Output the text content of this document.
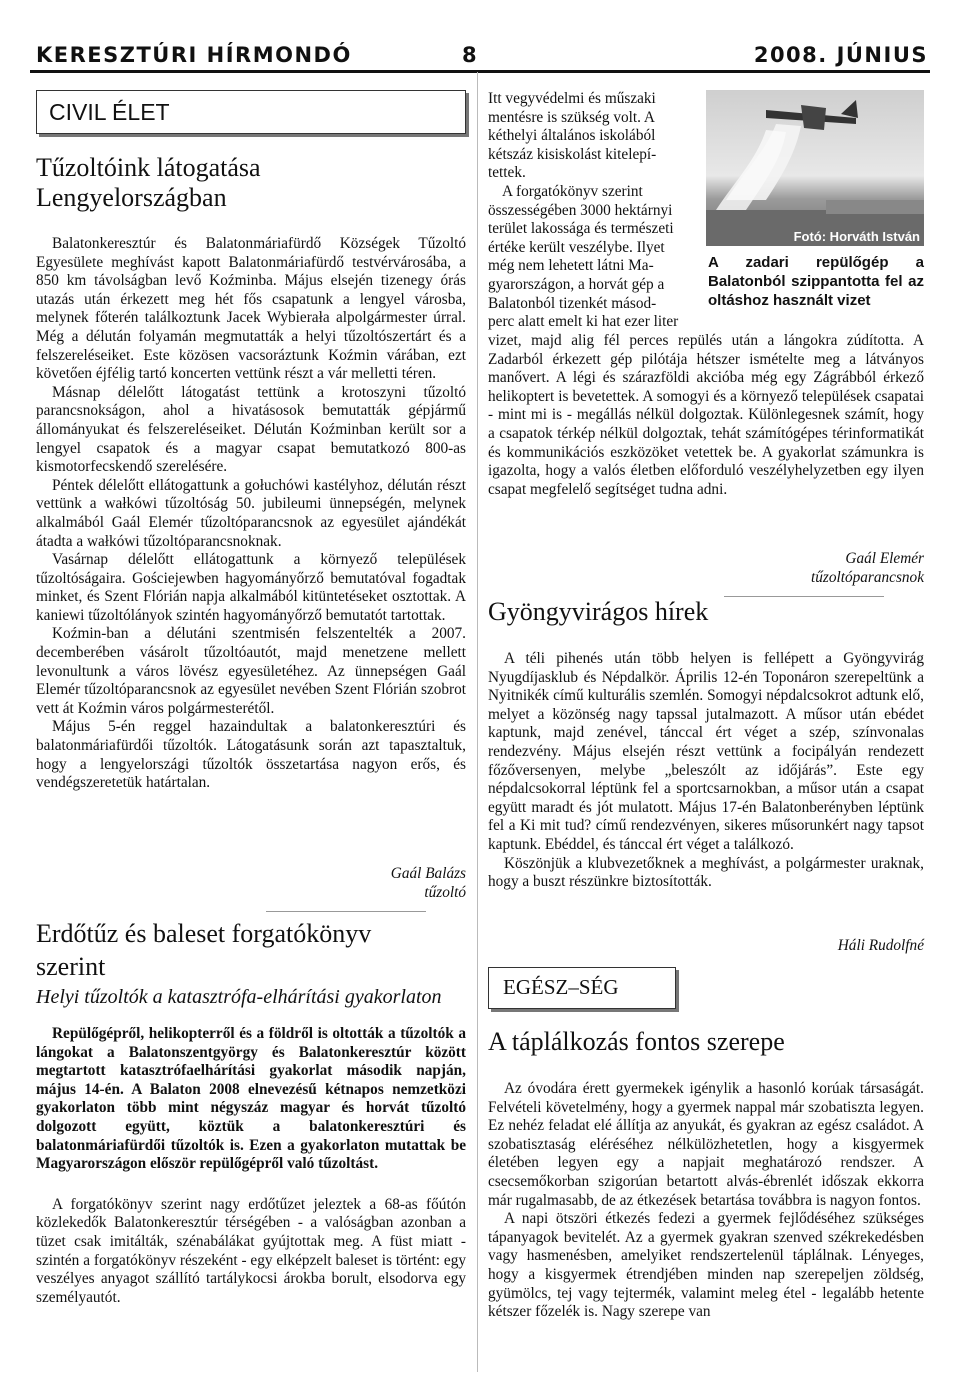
KERESZTÚRI HÍRMONDÓ	8	2008. JÚNIUS
CIVIL ÉLET
Tűzoltóink látogatása
Lengyelországban

Balatonkeresztúr és Balatonmáriafürdő Községek Tűzoltó Egyesülete meghívást kapott Balatonmáriafürdő testvérvárosába, a 850 km távolságban levő Koźminba. Május elsején tizenegy órás utazás után érkezett meg hét fős csapatunk a lengyel városba, melynek főterén találkoztunk Jacek Wybierała alpolgármester úrral. Még a délután folyamán megmutatták a helyi tűzoltószertárt és a felszereléseiket. Este közösen vacsoráztunk Koźmin várában, ezt követően éjfélig tartó koncerten vettünk részt a vár melletti téren.

Másnap délelőtt látogatást tettünk a krotoszyni tűzoltó parancsnokságon, ahol a hivatásosok bemutatták gépjármű állományukat és felszereléseiket. Délután Koźminban került sor a lengyel csapatok és a magyar csapat bemutatkozó 800-as kismotorfecskendő szerelésére.

Péntek délelőtt ellátogattunk a gołuchówi kastélyhoz, délután részt vettünk a wałkówi tűzoltóság 50. jubileumi ünnepségén, melynek alkalmából Gaál Elemér tűzoltóparancsnok az egyesület ajándékát átadta a wałkówi tűzoltóparancsnoknak.

Vasárnap délelőtt ellátogattunk a környező települések tűzoltóságaira. Gościejewben hagyományőrző bemutatóval fogadtak minket, és Szent Flórián napja alkalmából kitüntetéseket osztottak. A kaniewi tűzoltólányok szintén hagyományőrző bemutatót tartottak.

Koźmin-ban a délutáni szentmisén felszentelték a 2007. decemberében vásárolt tűzoltóautót, majd menetzene mellett levonultunk a város lövész egyesületéhez. Az ünnepségen Gaál Elemér tűzoltóparancsnok az egyesület nevében Szent Flórián szobrot vett át Koźmin város polgármesterétől.

Május 5-én reggel hazaindultak a balatonkeresztúri és balatonmáriafürdői tűzoltók. Látogatásunk során azt tapasztaltuk, hogy a lengyelországi tűzoltók összetartása nagyon erős, és vendégszeretetük határtalan.

Gaál Balázs
tűzoltó
Erdőtűz és baleset forgatókönyv
szerint
Helyi tűzoltók a katasztrófa-elhárítási gyakorlaton

Repülőgépről, helikopterről és a földről is oltották a tűzoltók a lángokat a Balatonszentgyörgy és Balatonkeresztúr között megtartott katasztrófaelhárítási gyakorlat második napján, május 14-én. A Balaton 2008 elnevezésű kétnapos nemzetközi gyakorlaton több mint négyszáz magyar és horvát tűzoltó dolgozott együtt, köztük a balatonkeresztúri és balatonmáriafürdői tűzoltók is. Ezen a gyakorlaton mutattak be Magyarországon először repülőgépről való tűzoltást.

A forgatókönyv szerint nagy erdőtűzet jeleztek a 68-as főútón közlekedők Balatonkeresztúr térségében - a valóságban azonban a tüzet csak imitálták, szénabálákat gyújtottak meg. A füst miatt - szintén a forgatókönyv részeként - egy elképzelt baleset is történt: egy veszélyes anyagot szállító tartálykocsi árokba borult, elsodorva egy személyautót.

Itt vegyvédelmi és műszaki
mentésre is szükség volt. A
kéthelyi általános iskolából
kétszáz kisiskolást kitelepí-
tettek.
A forgatókönyv szerint
összességében 3000 hektárnyi
terület lakossága és természeti
értéke került veszélybe. Ilyet
még nem lehetett látni Ma-
gyarországon, a horvát gép a
Balatonból tizenkét másod-
perc alatt emelt ki hat ezer liter
Fotó: Horváth István
A zadari repülőgép a Balatonból szippantotta fel az oltáshoz használt vizet

vizet, majd alig fél perces repülés után a lángokra zúdította. A Zadarból érkezett gép pilótája hétszer ismételte meg a látványos manővert. A légi és szárazföldi akcióba még egy Zágrábból érkező helikoptert is bevetettek. A somogyi és a környező települések csapatai - mint mi is - megállás nélkül dolgoztak. Különlegesnek számít, hogy a csapatok térkép nélkül dolgoztak, tehát számítógépes térinformatikát és kommunikációs eszközöket vetettek be. A gyakorlat számunkra is igazolta, hogy a valós életben előforduló veszélyhelyzetben egy ilyen csapat megfelelő segítséget tudna adni.

Gaál Elemér
tűzoltóparancsnok
Gyöngyvirágos hírek

A téli pihenés után több helyen is fellépett a Gyöngyvirág Nyugdíjasklub és Népdalkör. Április 12-én Toponáron szerepeltünk a Nyitnikék című kulturális szemlén. Somogyi népdalcsokrot adtunk elő, melyet a közönség nagy tapssal jutalmazott. A műsor után ebédet kaptunk, majd zenével, tánccal ért véget a szép, színvonalas rendezvény. Május elsején részt vettünk a focipályán rendezett főzőversenyen, melybe „beleszólt az időjárás”. Este egy népdalcsokorral léptünk fel a sportcsarnokban, a műsor után a csapat együtt maradt és jót mulatott. Május 17-én Balatonberényben léptünk fel a Ki mit tud? című rendezvényen, sikeres műsorunkért nagy tapsot kaptunk. Ebéddel, és tánccal ért véget a találkozó.

Köszönjük a klubvezetőknek a meghívást, a polgármester uraknak, hogy a buszt részünkre biztosították.

Háli Rudolfné
EGÉSZ–SÉG
A táplálkozás fontos szerepe

Az óvodára érett gyermekek igénylik a hasonló korúak társaságát. Felvételi követelmény, hogy a gyermek nappal már szobatiszta legyen. Ez nehéz feladat elé állítja az anyukát, és gyakran az egész családot. A szobatisztaság eléréséhez nélkülözhetetlen, hogy a kisgyermek életében legyen egy a napjait meghatározó rendszer. A csecsemőkorban szigorúan betartott alvás-ébrenlét időszak ekkorra már rugalmasabb, de az étkezések betartása továbbra is nagyon fontos.

A napi ötszöri étkezés fedezi a gyermek fejlődéséhez szükséges tápanyagok bevitelét. Az a gyermek gyakran szenved székrekedésben vagy hasmenésben, amelyiket rendszertelenül táplálnak. Lényeges, hogy a kisgyermek étrendjében minden nap szerepeljen zöldség, gyümölcs, tej vagy tejtermék, valamint meleg étel - legalább hetente kétszer főzelék is. Nagy szerepe van
